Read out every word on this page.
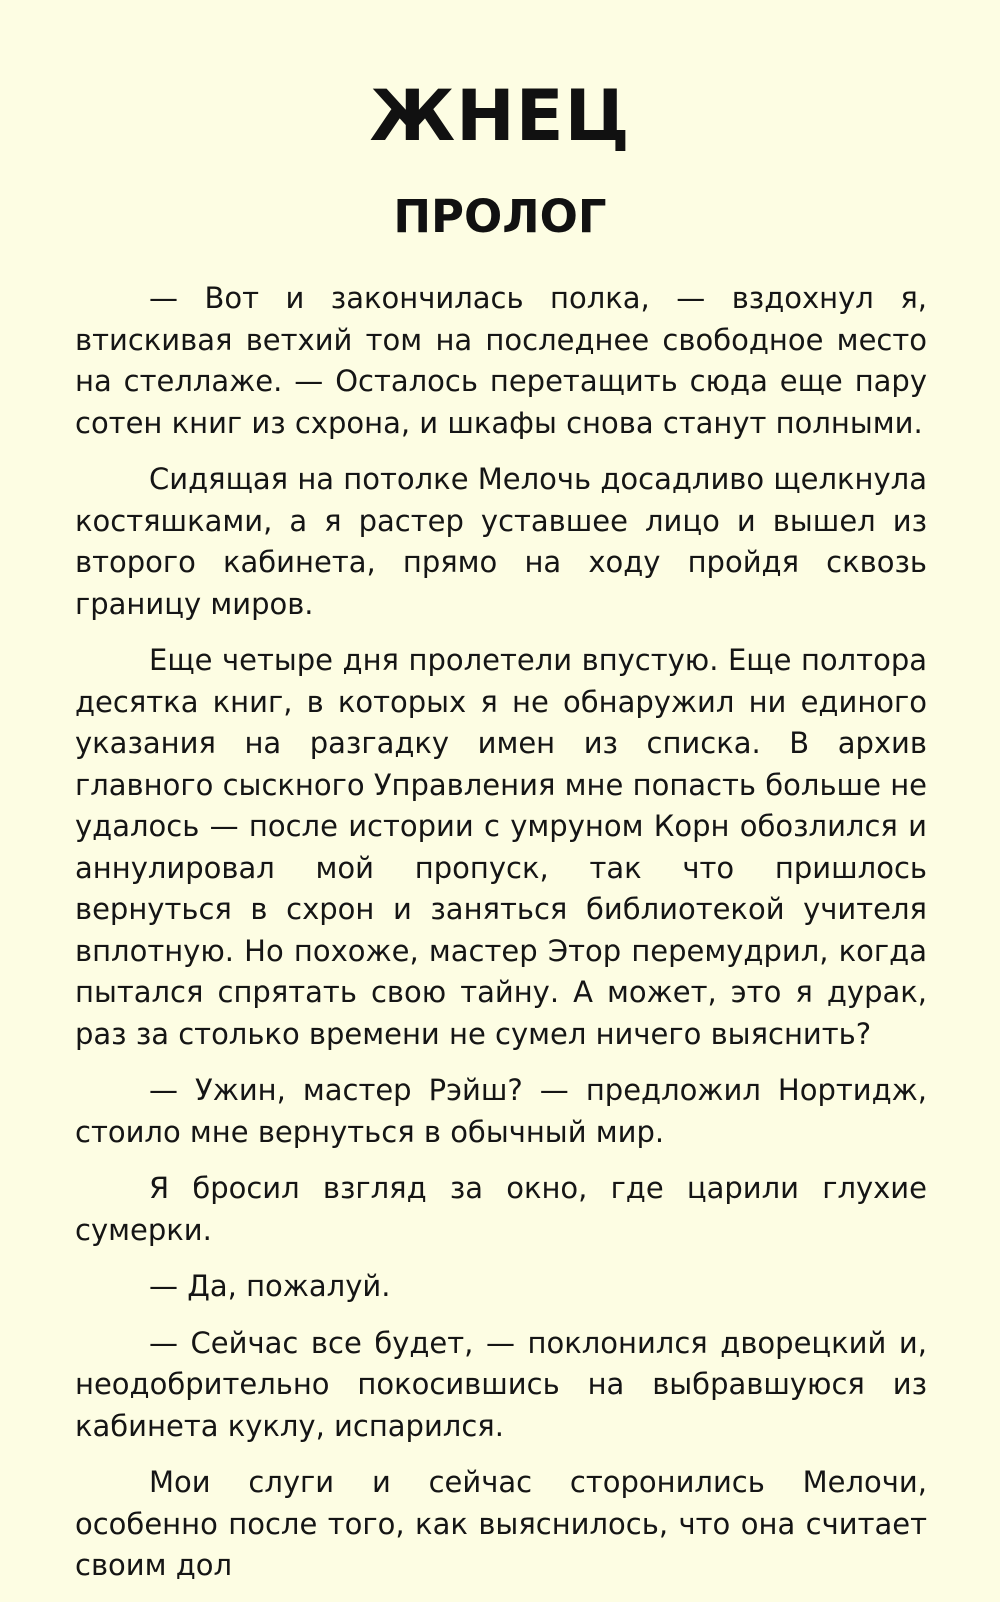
ЖНЕЦ
ПРОЛОГ

— Вот и закончилась полка, — вздохнул я, втискивая ветхий том на последнее свободное место на стеллаже. — Осталось перетащить сюда еще пару сотен книг из схрона, и шкафы снова станут полными.

Сидящая на потолке Мелочь досадливо щелкнула костяшками, а я растер уставшее лицо и вышел из второго кабинета, прямо на ходу пройдя сквозь границу миров.

Еще четыре дня пролетели впустую. Еще полтора десятка книг, в которых я не обнаружил ни единого указания на разгадку имен из списка. В архив главного сыскного Управления мне попасть больше не удалось — после истории с умруном Корн обозлился и аннулировал мой пропуск, так что пришлось вернуться в схрон и заняться библиотекой учителя вплотную. Но похоже, мастер Этор перемудрил, когда пытался спрятать свою тайну. А может, это я дурак, раз за столько времени не сумел ничего выяснить?

— Ужин, мастер Рэйш? — предложил Нортидж, стоило мне вернуться в обычный мир.

Я бросил взгляд за окно, где царили глухие сумерки.

— Да, пожалуй.

— Сейчас все будет, — поклонился дворецкий и, неодобрительно покосившись на выбравшуюся из кабинета куклу, испарился.

Мои слуги и сейчас сторонились Мелочи, особенно после того, как выяснилось, что она считает своим дол
